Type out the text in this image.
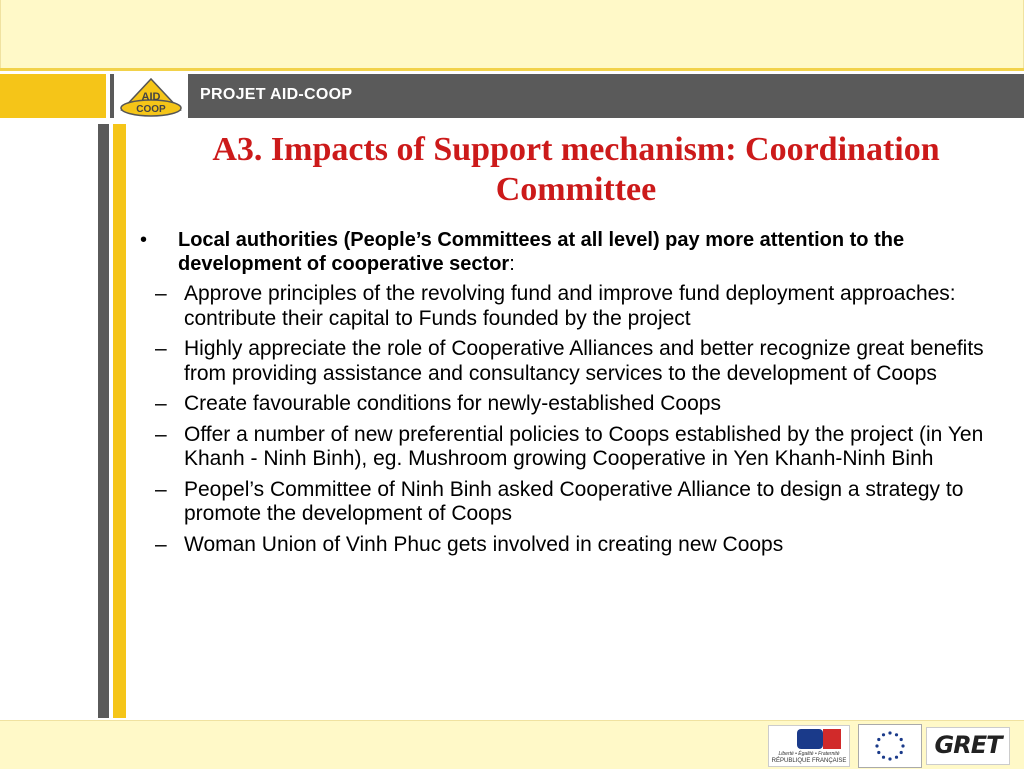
AID
COOP
PROJET AID-COOP
A3. Impacts of Support mechanism: Coordination Committee
•	Local authorities (People’s Committees at all level) pay more attention to the development of cooperative sector:
– Approve principles of the revolving fund and improve fund deployment approaches: contribute their capital to Funds founded by the project
– Highly appreciate the role of Cooperative Alliances and better recognize great benefits from providing assistance and consultancy services to the development of Coops
– Create favourable conditions for newly-established Coops
– Offer a number of new preferential policies to Coops established by the project (in Yen Khanh - Ninh Binh), eg. Mushroom growing Cooperative in Yen Khanh-Ninh Binh
– Peopel’s Committee of Ninh Binh asked Cooperative Alliance to design a strategy to promote the development of Coops
– Woman Union of Vinh Phuc gets involved in creating new Coops
Liberté • Égalité • Fraternité
RÉPUBLIQUE FRANÇAISE
GRET
